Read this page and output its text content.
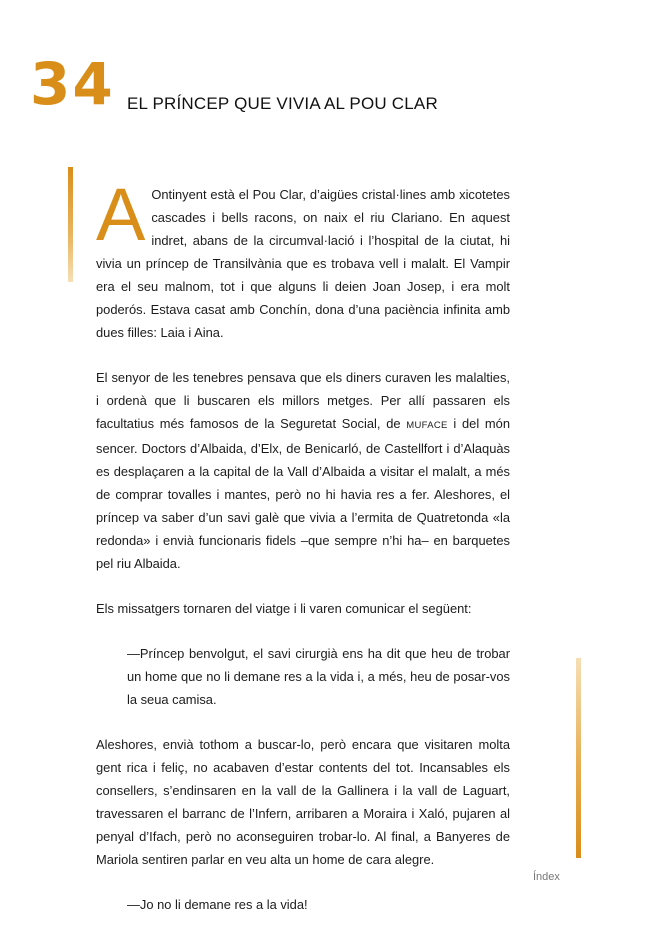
34 EL PRÍNCEP QUE VIVIA AL POU CLAR

A Ontinyent està el Pou Clar, d’aigües cristal·lines amb xicotetes cascades i bells racons, on naix el riu Clariano. En aquest indret, abans de la circumval·lació i l’hospital de la ciutat, hi vivia un príncep de Transilvània que es trobava vell i malalt. El Vampir era el seu malnom, tot i que alguns li deien Joan Josep, i era molt poderós. Estava casat amb Conchín, dona d’una paciència infinita amb dues filles: Laia i Aina.

El senyor de les tenebres pensava que els diners curaven les malalties, i ordenà que li buscaren els millors metges. Per allí passaren els facultatius més famosos de la Seguretat Social, de MUFACE i del món sencer. Doctors d’Albaida, d’Elx, de Benicarló, de Castellfort i d’Alaquàs es desplaçaren a la capital de la Vall d’Albaida a visitar el malalt, a més de comprar tovalles i mantes, però no hi havia res a fer. Aleshores, el príncep va saber d’un savi galè que vivia a l’ermita de Quatretonda «la redonda» i envià funcionaris fidels –que sempre n’hi ha– en barquetes pel riu Albaida.

Els missatgers tornaren del viatge i li varen comunicar el següent:

—Príncep benvolgut, el savi cirurgià ens ha dit que heu de trobar un home que no li demane res a la vida i, a més, heu de posar-vos la seua camisa.

Aleshores, envià tothom a buscar-lo, però encara que visitaren molta gent rica i feliç, no acabaven d’estar contents del tot. Incansables els consellers, s’endinsaren en la vall de la Gallinera i la vall de Laguart, travessaren el barranc de l’Infern, arribaren a Moraira i Xaló, pujaren al penyal d’Ifach, però no aconseguiren trobar-lo. Al final, a Banyeres de Mariola sentiren parlar en veu alta un home de cara alegre.

—Jo no li demane res a la vida!

Índex
